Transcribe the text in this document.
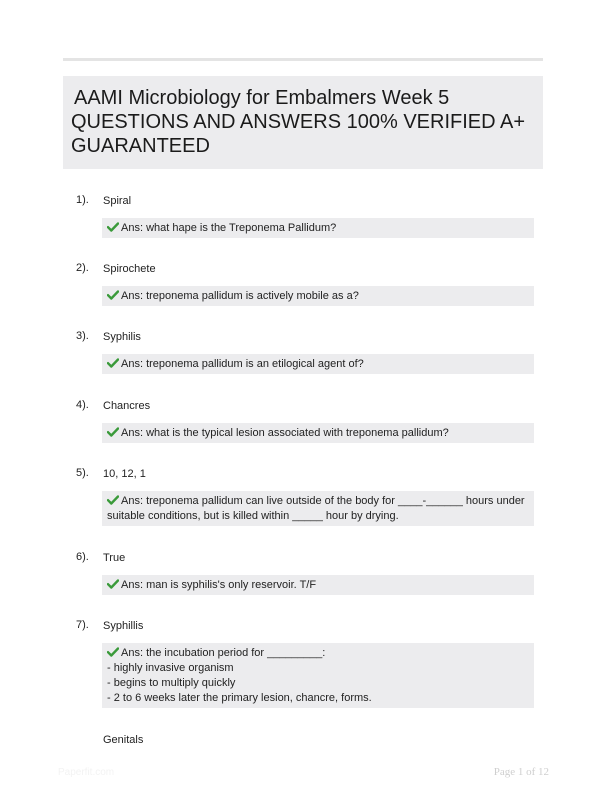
AAMI Microbiology for Embalmers Week 5 QUESTIONS AND ANSWERS 100% VERIFIED A+ GUARANTEED
1). Spiral
Ans: what hape is the Treponema Pallidum?
2). Spirochete
Ans: treponema pallidum is actively mobile as a?
3). Syphilis
Ans: treponema pallidum is an etilogical agent of?
4). Chancres
Ans: what is the typical lesion associated with treponema pallidum?
5). 10, 12, 1
Ans: treponema pallidum can live outside of the body for ____-______ hours under
suitable conditions, but is killed within _____ hour by drying.
6). True
Ans: man is syphilis's only reservoir. T/F
7). Syphillis
Ans: the incubation period for _________:
- highly invasive organism
- begins to multiply quickly
- 2 to 6 weeks later the primary lesion, chancre, forms.
Genitals
Paperfit.com	Page 1 of 12
